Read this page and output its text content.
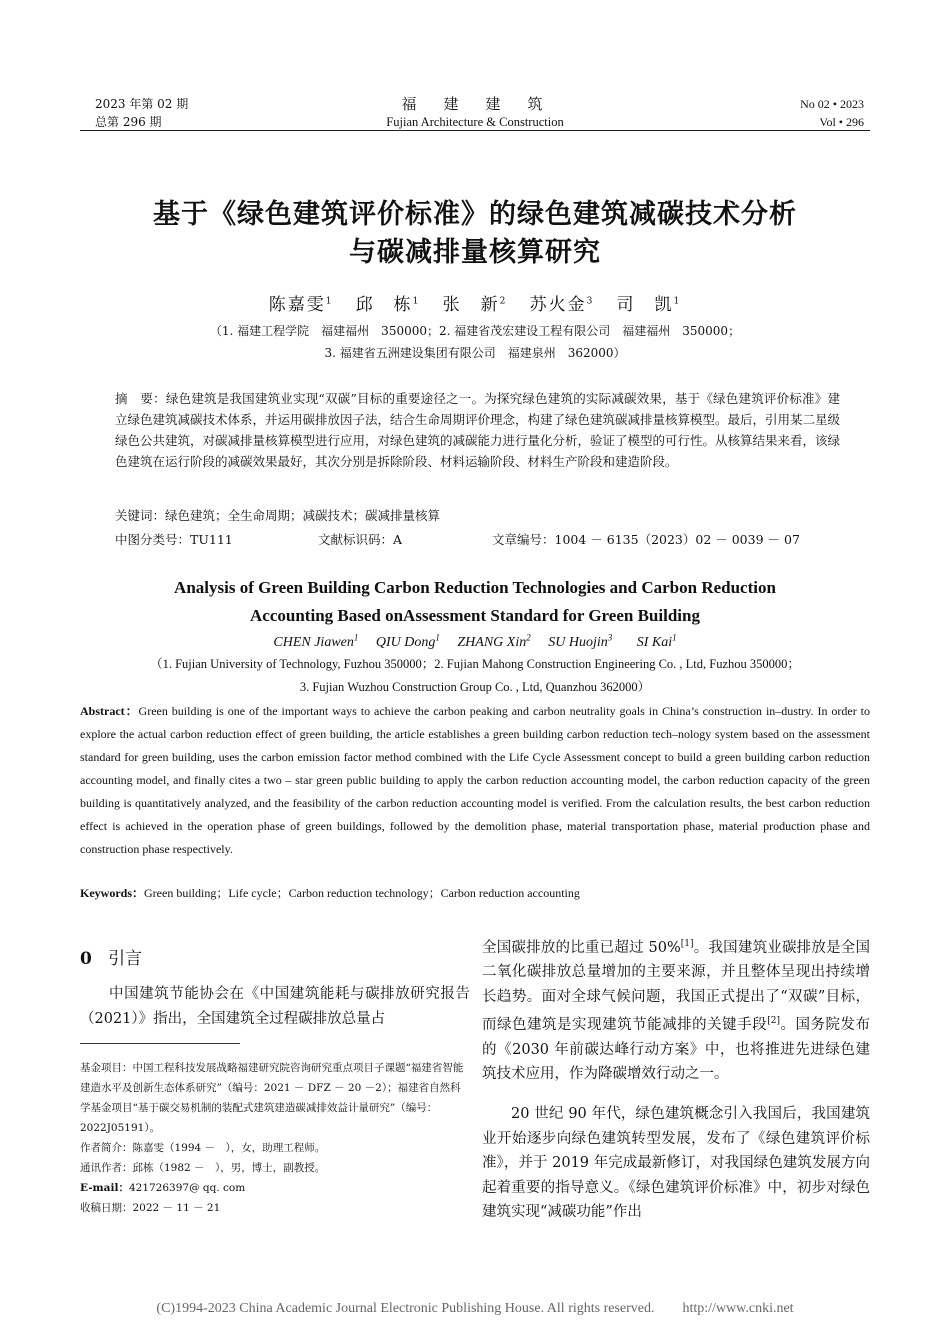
2023 年第 02 期
总第 296 期
福　建　建　筑
Fujian Architecture & Construction
No 02 • 2023
Vol • 296
基于《绿色建筑评价标准》的绿色建筑减碳技术分析
与碳减排量核算研究
陈嘉雯$^1$ 邱　栋$^1$ 张　新$^2$ 苏火金$^3$ 司　凯$^1$
（1. 福建工程学院　福建福州　350000；2. 福建省茂宏建设工程有限公司　福建福州　350000；
3. 福建省五洲建设集团有限公司　福建泉州　362000）
摘　要：绿色建筑是我国建筑业实现“双碳”目标的重要途径之一。为探究绿色建筑的实际减碳效果，基于《绿色建筑评价标准》建立绿色建筑减碳技术体系，并运用碳排放因子法，结合生命周期评价理念，构建了绿色建筑碳减排量核算模型。最后，引用某二星级绿色公共建筑，对碳减排量核算模型进行应用，对绿色建筑的减碳能力进行量化分析，验证了模型的可行性。从核算结果来看，该绿色建筑在运行阶段的减碳效果最好，其次分别是拆除阶段、材料运输阶段、材料生产阶段和建造阶段。
关键词：绿色建筑；全生命周期；减碳技术；碳减排量核算
中图分类号：TU111	文献标识码：A	文章编号：1004 － 6135（2023）02 － 0039 － 07
Analysis of Green Building Carbon Reduction Technologies and Carbon Reduction
Accounting Based onAssessment Standard for Green Building
CHEN Jiawen$^1$ QIU Dong$^1$ ZHANG Xin$^2$ SU Huojin$^3$ SI Kai$^1$
（1. Fujian University of Technology, Fuzhou 350000；2. Fujian Mahong Construction Engineering Co. , Ltd, Fuzhou 350000；
3. Fujian Wuzhou Construction Group Co. , Ltd, Quanzhou 362000）
Abstract：Green building is one of the important ways to achieve the carbon peaking and carbon neutrality goals in China’s construction in–dustry. In order to explore the actual carbon reduction effect of green building, the article establishes a green building carbon reduction tech–nology system based on the assessment standard for green building, uses the carbon emission factor method combined with the Life Cycle Assessment concept to build a green building carbon reduction accounting model, and finally cites a two – star green public building to apply the carbon reduction accounting model, the carbon reduction capacity of the green building is quantitatively analyzed, and the feasibility of the carbon reduction accounting model is verified. From the calculation results, the best carbon reduction effect is achieved in the operation phase of green buildings, followed by the demolition phase, material transportation phase, material production phase and construction phase respectively.
Keywords：Green building；Life cycle；Carbon reduction technology；Carbon reduction accounting
0 引言
中国建筑节能协会在《中国建筑能耗与碳排放研究报告（2021）》指出，全国建筑全过程碳排放总量占
基金项目：中国工程科技发展战略福建研究院咨询研究重点项目子课题“福建省智能建造水平及创新生态体系研究”（编号：2021 － DFZ － 20 －2）；福建省自然科学基金项目“基于碳交易机制的装配式建筑建造碳减排效益计量研究”（编号：2022J05191）。
作者简介：陈嘉雯（1994 －　），女，助理工程师。
通讯作者：邱栋（1982 －　），男，博士，副教授。
E-mail：421726397@ qq. com
收稿日期：2022 － 11 － 21
全国碳排放的比重已超过 50%[1]。我国建筑业碳排放是全国二氧化碳排放总量增加的主要来源，并且整体呈现出持续增长趋势。面对全球气候问题，我国正式提出了“双碳”目标，而绿色建筑是实现建筑节能减排的关键手段[2]。国务院发布的《2030 年前碳达峰行动方案》中，也将推进先进绿色建筑技术应用，作为降碳增效行动之一。
20 世纪 90 年代，绿色建筑概念引入我国后，我国建筑业开始逐步向绿色建筑转型发展，发布了《绿色建筑评价标准》，并于 2019 年完成最新修订，对我国绿色建筑发展方向起着重要的指导意义。《绿色建筑评价标准》中，初步对绿色建筑实现“减碳功能”作出
(C)1994-2023 China Academic Journal Electronic Publishing House. All rights reserved.　　http://www.cnki.net
